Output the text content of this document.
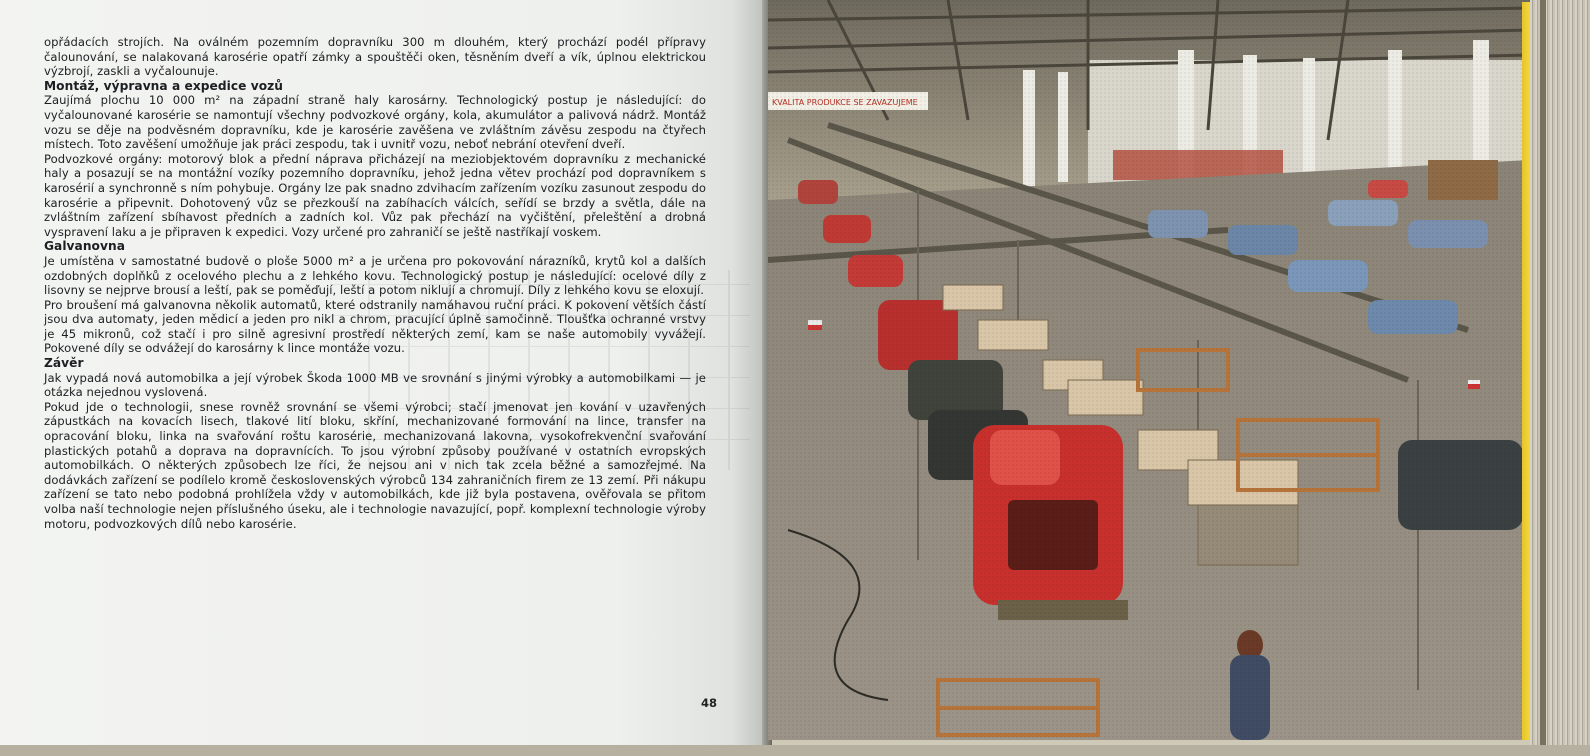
opřádacích strojích. Na oválném pozemním dopravníku 300 m dlouhém, který prochází podél přípravy čalounování, se nalakovaná karosérie opatří zámky a spouštěči oken, těsněním dveří a vík, úplnou elektrickou výzbrojí, zaskli a vyčalounuje.

Montáž, výpravna a expedice vozů

Zaujímá plochu 10 000 m² na západní straně haly karosárny. Technologický postup je následující: do vyčalounované karosérie se namontují všechny podvozkové orgány, kola, akumulátor a palivová nádrž. Montáž vozu se děje na podvěsném dopravníku, kde je karosérie zavěšena ve zvláštním závěsu zespodu na čtyřech místech. Toto zavěšení umožňuje jak práci zespodu, tak i uvnitř vozu, neboť nebrání otevření dveří.

Podvozkové orgány: motorový blok a přední náprava přicházejí na meziobjektovém dopravníku z mechanické haly a posazují se na montážní vozíky pozemního dopravníku, jehož jedna větev prochází pod dopravníkem s karosérií a synchronně s ním pohybuje. Orgány lze pak snadno zdvihacím zařízením vozíku zasunout zespodu do karosérie a připevnit. Dohotovený vůz se přezkouší na zabíhacích válcích, seřídí se brzdy a světla, dále na zvláštním zařízení sbíhavost předních a zadních kol. Vůz pak přechází na vyčištění, přeleštění a drobná vyspravení laku a je připraven k expedici. Vozy určené pro zahraničí se ještě nastříkají voskem.

Galvanovna

Je umístěna v samostatné budově o ploše 5000 m² a je určena pro pokovování nárazníků, krytů kol a dalších ozdobných doplňků z ocelového plechu a z lehkého kovu. Technologický postup je následující: ocelové díly z lisovny se nejprve brousí a leští, pak se poměďují, leští a potom niklují a chromují. Díly z lehkého kovu se eloxují.

Pro broušení má galvanovna několik automatů, které odstranily namáhavou ruční práci. K pokovení větších částí jsou dva automaty, jeden mědicí a jeden pro nikl a chrom, pracující úplně samočinně. Tloušťka ochranné vrstvy je 45 mikronů, což stačí i pro silně agresivní prostředí některých zemí, kam se naše automobily vyvážejí. Pokovené díly se odvážejí do karosárny k lince montáže vozu.

Závěr

Jak vypadá nová automobilka a její výrobek Škoda 1000 MB ve srovnání s jinými výrobky a automobilkami — je otázka nejednou vyslovená.

Pokud jde o technologii, snese rovněž srovnání se všemi výrobci; stačí jmenovat jen kování v uzavřených zápustkách na kovacích lisech, tlakové lití bloku, skříní, mechanizované formování na lince, transfer na opracování bloku, linka na svařování roštu karosérie, mechanizovaná lakovna, vysokofrekvenční svařování plastických potahů a doprava na dopravnících. To jsou výrobní způsoby používané v ostatních evropských automobilkách. O některých způsobech lze říci, že nejsou ani v nich tak zcela běžné a samozřejmé. Na dodávkách zařízení se podílelo kromě československých výrobců 134 zahraničních firem ze 13 zemí. Při nákupu zařízení se tato nebo podobná prohlížela vždy v automobilkách, kde již byla postavena, ověřovala se přitom volba naší technologie nejen příslušného úseku, ale i technologie navazující, popř. komplexní technologie výroby motoru, podvozkových dílů nebo karosérie.

48
